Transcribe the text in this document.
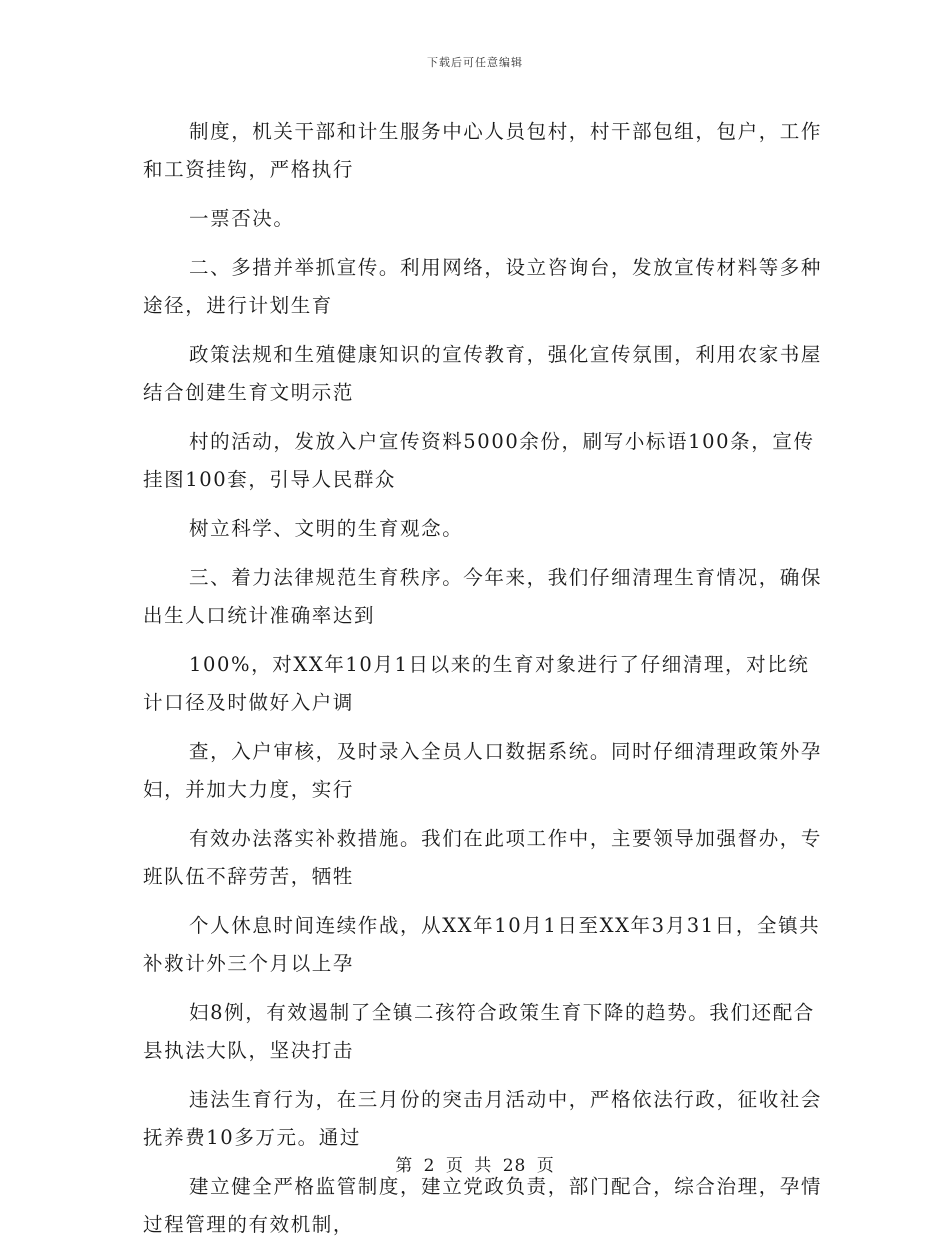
下载后可任意编辑

制度，机关干部和计生服务中心人员包村，村干部包组，包户，工作和工资挂钩，严格执行

一票否决。

二、多措并举抓宣传。利用网络，设立咨询台，发放宣传材料等多种途径，进行计划生育

政策法规和生殖健康知识的宣传教育，强化宣传氛围，利用农家书屋结合创建生育文明示范

村的活动，发放入户宣传资料5000余份，刷写小标语100条，宣传挂图100套，引导人民群众

树立科学、文明的生育观念。

三、着力法律规范生育秩序。今年来，我们仔细清理生育情况，确保出生人口统计准确率达到

100%，对XX年10月1日以来的生育对象进行了仔细清理，对比统计口径及时做好入户调

查，入户审核，及时录入全员人口数据系统。同时仔细清理政策外孕妇，并加大力度，实行

有效办法落实补救措施。我们在此项工作中，主要领导加强督办，专班队伍不辞劳苦，牺牲

个人休息时间连续作战，从XX年10月1日至XX年3月31日，全镇共补救计外三个月以上孕

妇8例，有效遏制了全镇二孩符合政策生育下降的趋势。我们还配合县执法大队，坚决打击

违法生育行为，在三月份的突击月活动中，严格依法行政，征收社会抚养费10多万元。通过

建立健全严格监管制度，建立党政负责，部门配合，综合治理，孕情过程管理的有效机制，

第 2 页 共 28 页
